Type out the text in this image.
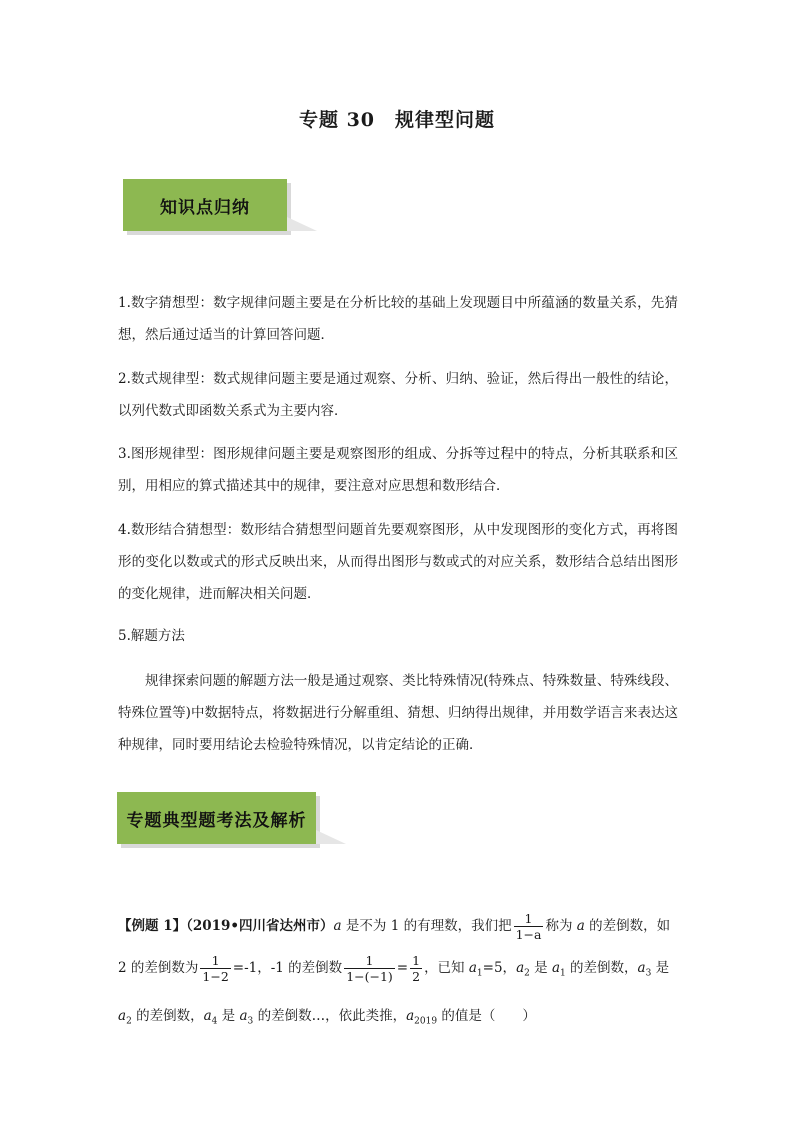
专题 30　规律型问题
知识点归纳
1.数字猜想型：数字规律问题主要是在分析比较的基础上发现题目中所蕴涵的数量关系，先猜想，然后通过适当的计算回答问题．
2.数式规律型：数式规律问题主要是通过观察、分析、归纳、验证，然后得出一般性的结论，以列代数式即函数关系式为主要内容．
3.图形规律型：图形规律问题主要是观察图形的组成、分拆等过程中的特点，分析其联系和区别，用相应的算式描述其中的规律，要注意对应思想和数形结合．
4.数形结合猜想型：数形结合猜想型问题首先要观察图形，从中发现图形的变化方式，再将图形的变化以数或式的形式反映出来，从而得出图形与数或式的对应关系，数形结合总结出图形的变化规律，进而解决相关问题．
5.解题方法
规律探索问题的解题方法一般是通过观察、类比特殊情况(特殊点、特殊数量、特殊线段、特殊位置等)中数据特点，将数据进行分解重组、猜想、归纳得出规律，并用数学语言来表达这种规律，同时要用结论去检验特殊情况，以肯定结论的正确．
专题典型题考法及解析
【例题 1】（2019•四川省达州市）a 是不为 1 的有理数，我们把 $\frac{1}{1-a}$ 称为 a 的差倒数，如 2 的差倒数为 $\frac{1}{1-2} =-1$，-1 的差倒数 $\frac{1}{1-(-1)} = \frac{1}{2}$ ，已知 $a_1=5$，$a_2$ 是 $a_1$ 的差倒数，$a_3$ 是 $a_2$ 的差倒数，$a_4$ 是 $a_3$ 的差倒数…，依此类推，$a_{2019}$ 的值是（　　）
